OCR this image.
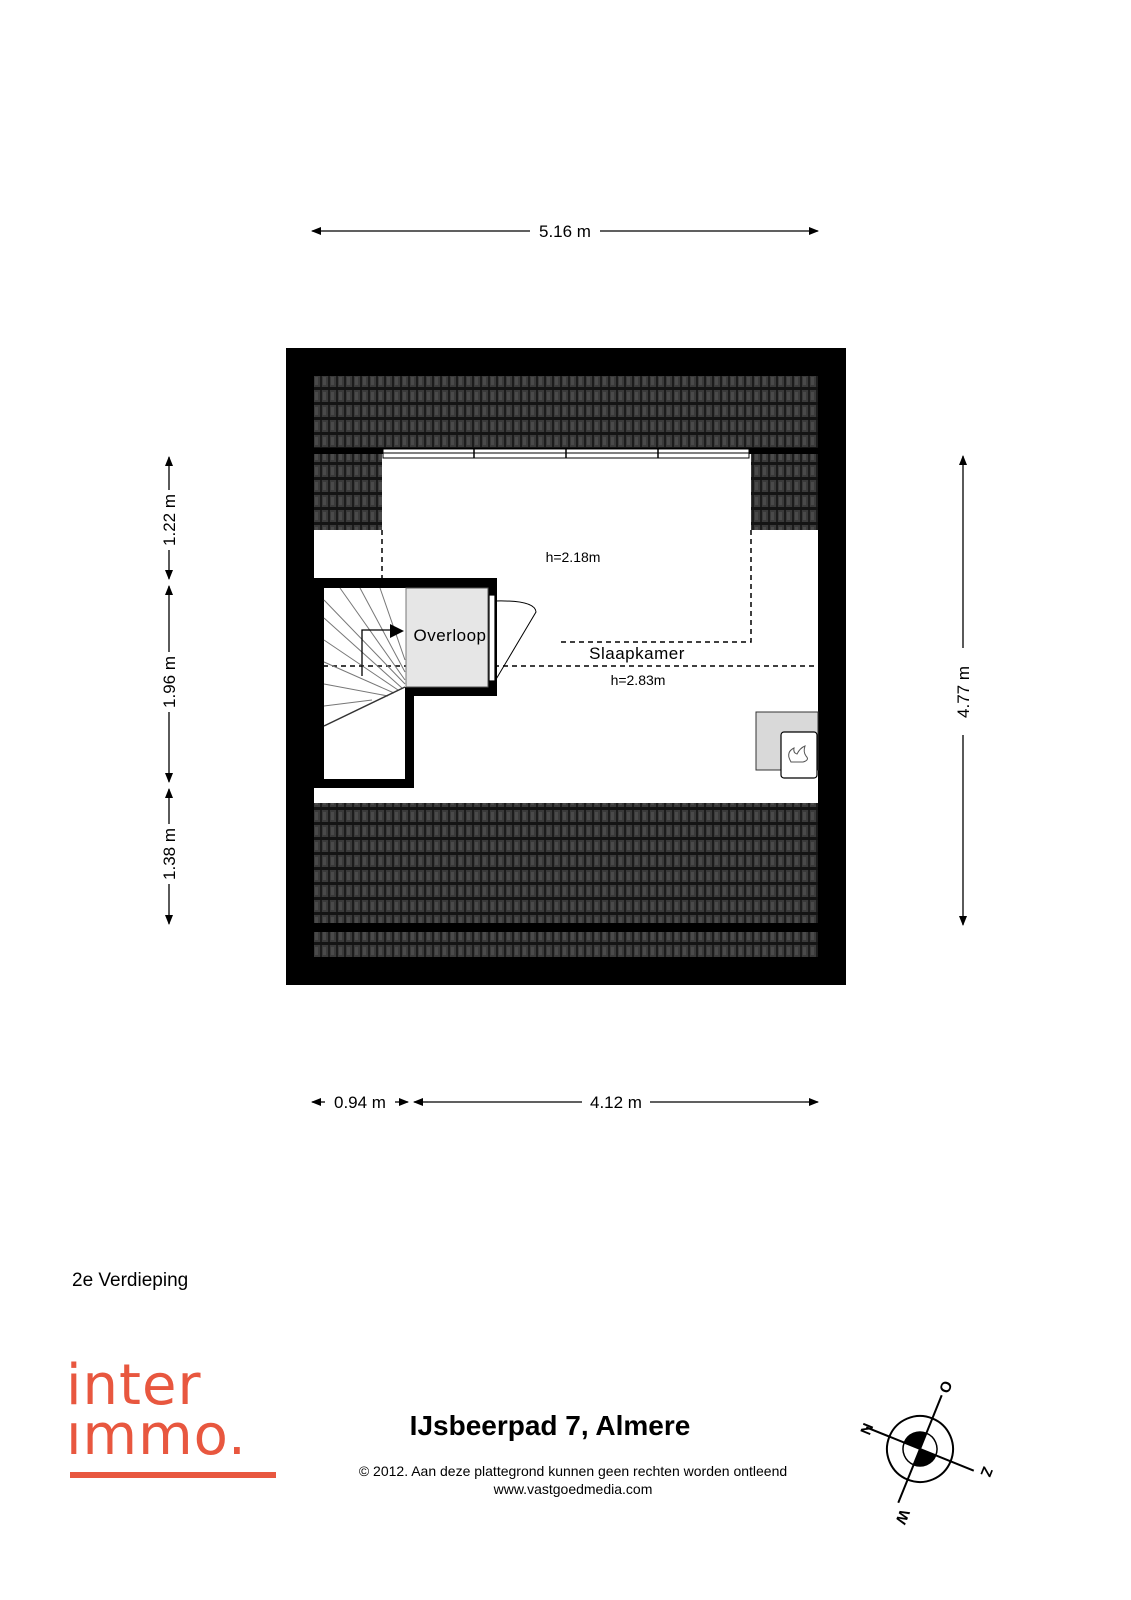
5.16 m
4.77 m
1.22 m
1.96 m
1.38 m
0.94 m	4.12 m
Overloop
Slaapkamer
h=2.18m
h=2.83m
N
O
Z
W
2e Verdieping
inter
ımmo.	IJsbeerpad 7, Almere
© 2012. Aan deze plattegrond kunnen geen rechten worden ontleend
www.vastgoedmedia.com
